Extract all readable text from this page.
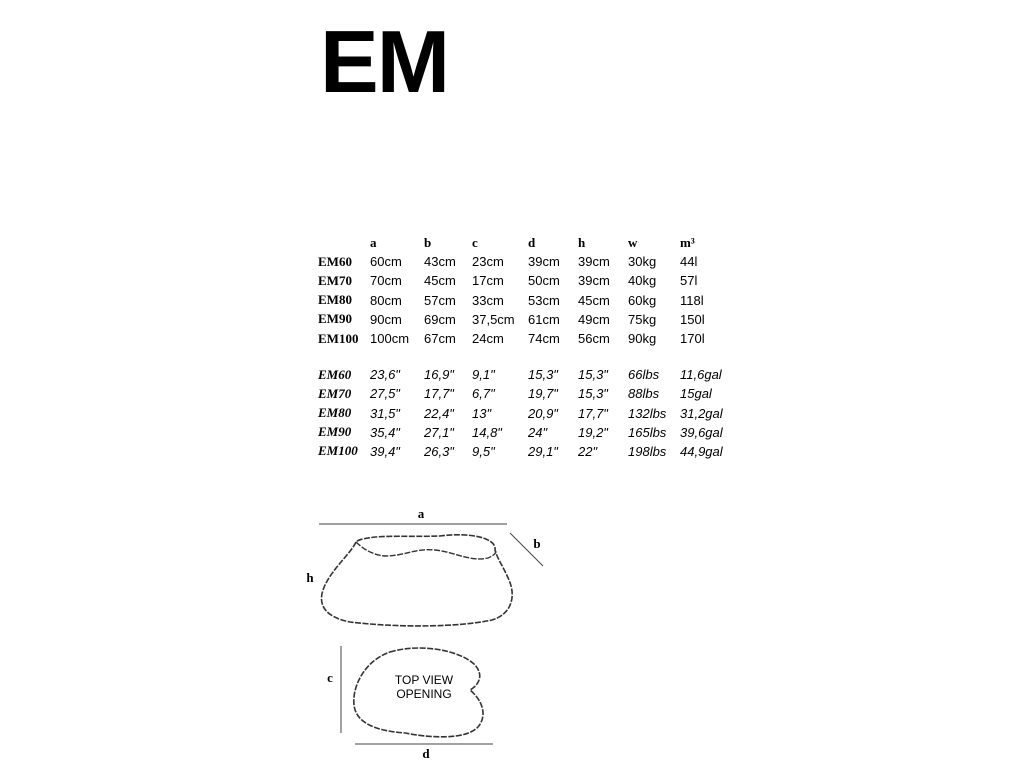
EM
	a	b	c	d	h	w	m³
EM60	60cm	43cm	23cm	39cm	39cm	30kg	44l
EM70	70cm	45cm	17cm	50cm	39cm	40kg	57l
EM80	80cm	57cm	33cm	53cm	45cm	60kg	118l
EM90	90cm	69cm	37,5cm	61cm	49cm	75kg	150l
EM100	100cm	67cm	24cm	74cm	56cm	90kg	170l

EM60	23,6"	16,9"	9,1"	15,3"	15,3"	66lbs	11,6gal
EM70	27,5"	17,7"	6,7"	19,7"	15,3"	88lbs	15gal
EM80	31,5"	22,4"	13"	20,9"	17,7"	132lbs	31,2gal
EM90	35,4"	27,1"	14,8"	24"	19,2"	165lbs	39,6gal
EM100	39,4"	26,3"	9,5"	29,1"	22"	198lbs	44,9gal
a
b
h
c
d
TOP VIEW
OPENING
